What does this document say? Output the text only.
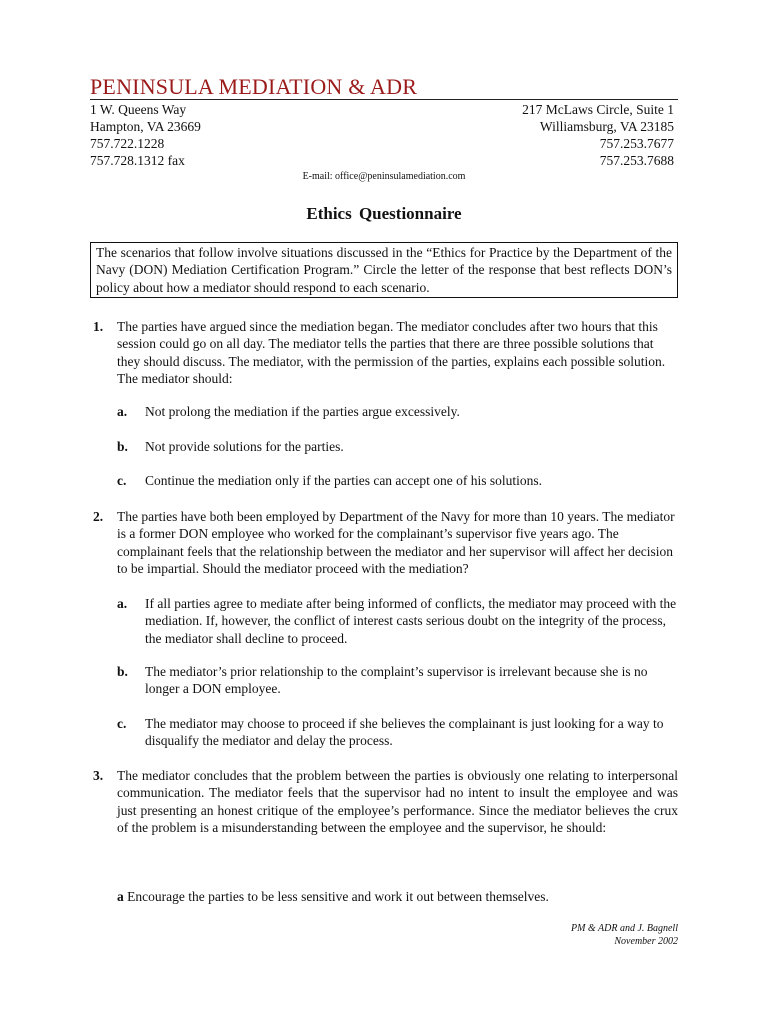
PENINSULA MEDIATION & ADR
1 W. Queens Way
Hampton, VA 23669
757.722.1228
757.728.1312 fax
217 McLaws Circle, Suite 1
Williamsburg, VA 23185
757.253.7677
757.253.7688
E-mail: office@peninsulamediation.com
Ethics Questionnaire
The scenarios that follow involve situations discussed in the “Ethics for Practice by the Department of the Navy (DON) Mediation Certification Program.” Circle the letter of the response that best reflects DON’s policy about how a mediator should respond to each scenario.
1. The parties have argued since the mediation began. The mediator concludes after two hours that this session could go on all day. The mediator tells the parties that there are three possible solutions that they should discuss. The mediator, with the permission of the parties, explains each possible solution. The mediator should:
a. Not prolong the mediation if the parties argue excessively.
b. Not provide solutions for the parties.
c. Continue the mediation only if the parties can accept one of his solutions.
2. The parties have both been employed by Department of the Navy for more than 10 years. The mediator is a former DON employee who worked for the complainant’s supervisor five years ago. The complainant feels that the relationship between the mediator and her supervisor will affect her decision to be impartial. Should the mediator proceed with the mediation?
a. If all parties agree to mediate after being informed of conflicts, the mediator may proceed with the mediation. If, however, the conflict of interest casts serious doubt on the integrity of the process, the mediator shall decline to proceed.
b. The mediator’s prior relationship to the complaint’s supervisor is irrelevant because she is no longer a DON employee.
c. The mediator may choose to proceed if she believes the complainant is just looking for a way to disqualify the mediator and delay the process.
3. The mediator concludes that the problem between the parties is obviously one relating to interpersonal communication. The mediator feels that the supervisor had no intent to insult the employee and was just presenting an honest critique of the employee’s performance. Since the mediator believes the crux of the problem is a misunderstanding between the employee and the supervisor, he should:
a Encourage the parties to be less sensitive and work it out between themselves.
PM & ADR and J. Bagnell
November 2002
